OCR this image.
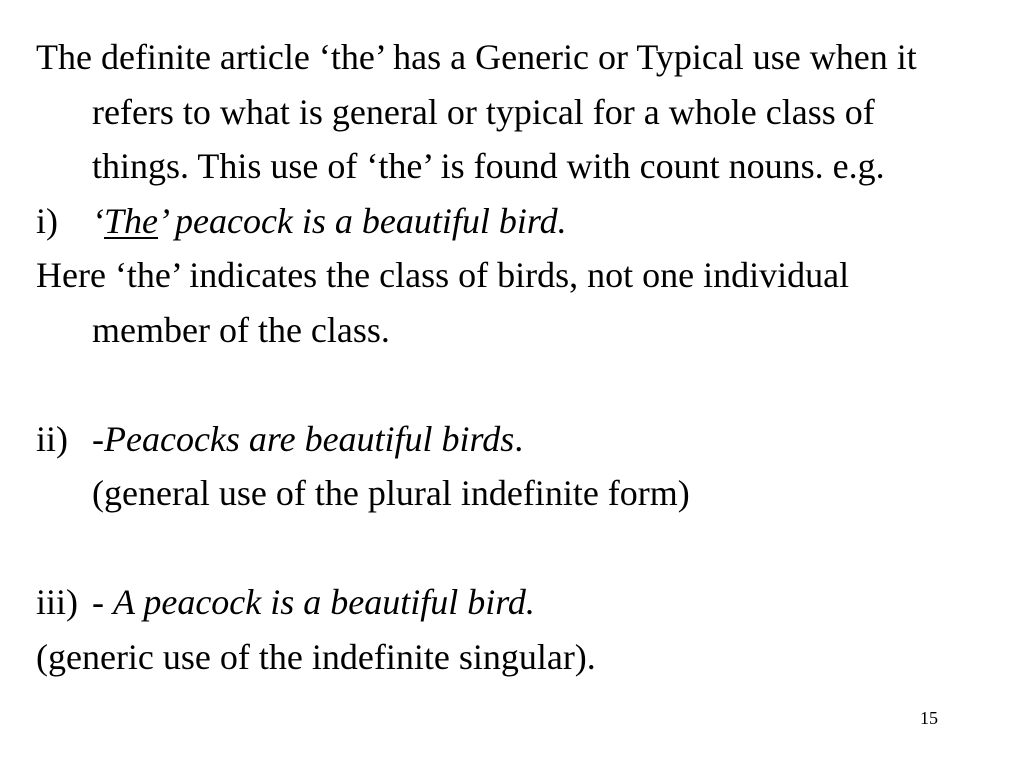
The definite article ‘the’ has a Generic or Typical use when it refers to what is general or typical for a whole class of things. This use of ‘the’ is found with count nouns. e.g.

i) ‘The’ peacock is a beautiful bird.

Here ‘the’ indicates the class of birds, not one individual member of the class.

ii) -Peacocks are beautiful birds.

(general use of the plural indefinite form)

iii) - A peacock is a beautiful bird.

(generic use of the indefinite singular).

15
